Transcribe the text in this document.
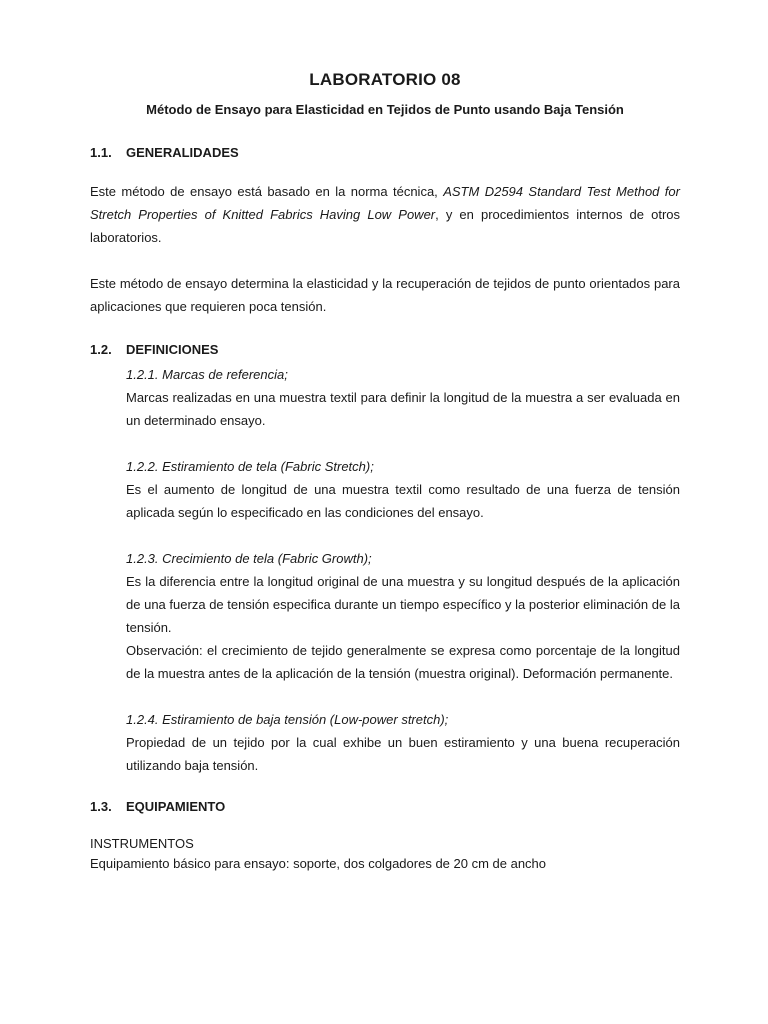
LABORATORIO 08
Método de Ensayo para Elasticidad en Tejidos de Punto usando Baja Tensión
1.1.	GENERALIDADES

Este método de ensayo está basado en la norma técnica, ASTM D2594 Standard Test Method for Stretch Properties of Knitted Fabrics Having Low Power, y en procedimientos internos de otros laboratorios.

Este método de ensayo determina la elasticidad y la recuperación de tejidos de punto orientados para aplicaciones que requieren poca tensión.

1.2.	DEFINICIONES

1.2.1. Marcas de referencia;

Marcas realizadas en una muestra textil para definir la longitud de la muestra a ser evaluada en un determinado ensayo.

1.2.2. Estiramiento de tela (Fabric Stretch);

Es el aumento de longitud de una muestra textil como resultado de una fuerza de tensión aplicada según lo especificado en las condiciones del ensayo.

1.2.3. Crecimiento de tela (Fabric Growth);

Es la diferencia entre la longitud original de una muestra y su longitud después de la aplicación de una fuerza de tensión especifica durante un tiempo específico y la posterior eliminación de la tensión.

Observación: el crecimiento de tejido generalmente se expresa como porcentaje de la longitud de la muestra antes de la aplicación de la tensión (muestra original). Deformación permanente.

1.2.4. Estiramiento de baja tensión (Low-power stretch);

Propiedad de un tejido por la cual exhibe un buen estiramiento y una buena recuperación utilizando baja tensión.

1.3.	EQUIPAMIENTO

INSTRUMENTOS

Equipamiento básico para ensayo: soporte, dos colgadores de 20 cm de ancho
